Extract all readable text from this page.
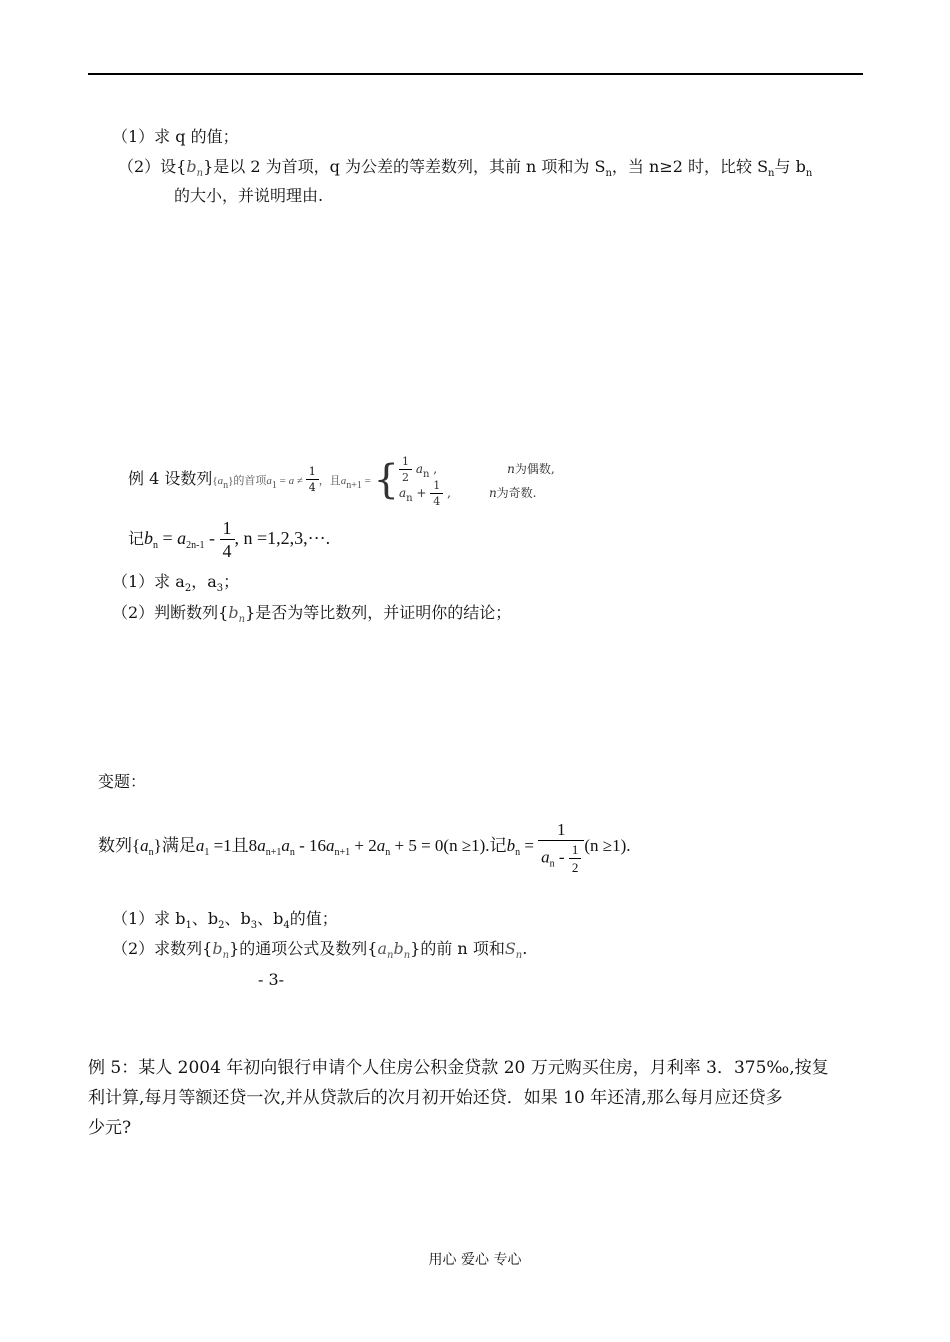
（1）求 q 的值；
（2）设$\{b_n\}$是以 2 为首项，q 为公差的等差数列，其前 n 项和为 $S_n$，当 n≥2 时，比较 $S_n$与 $b_n$
的大小，并说明理由.
例 4 设数列{an}的首项$a1 = a \ne \frac{1}{4}$ ，且an+1 = { $\frac{1}{2} a_n$ ,	n为偶数,
$a_n + \frac{1}{4}$ ,	n为奇数.
记$b_n = a_{2n-1} - \frac{1}{4}$ , n =1,2,3,···.
（1）求 $a_2$，$a_3$；
（2）判断数列$\{b_n\}$是否为等比数列，并证明你的结论；
变题：
数列$\{a_n\}$满足$a_1 =1$且$8a_{n+1}a_n - 16a_{n+1} + 2a_n + 5 = 0(n \ge 1)$.记$b_n = \frac{1}{a_n - \frac{1}{2}} (n \ge 1)$.
（1）求 $b_1$、$b_2$、$b_3$、$b_4$的值；
（2）求数列$\{b_n\}$的通项公式及数列$\{a_nb_n\}$的前 n 项和$S_n$.
- 3-
例 5：某人 2004 年初向银行申请个人住房公积金贷款 20 万元购买住房，月利率 3．375‰,按复
利计算,每月等额还贷一次,并从贷款后的次月初开始还贷．如果 10 年还清,那么每月应还贷多
少元?
用心 爱心 专心
